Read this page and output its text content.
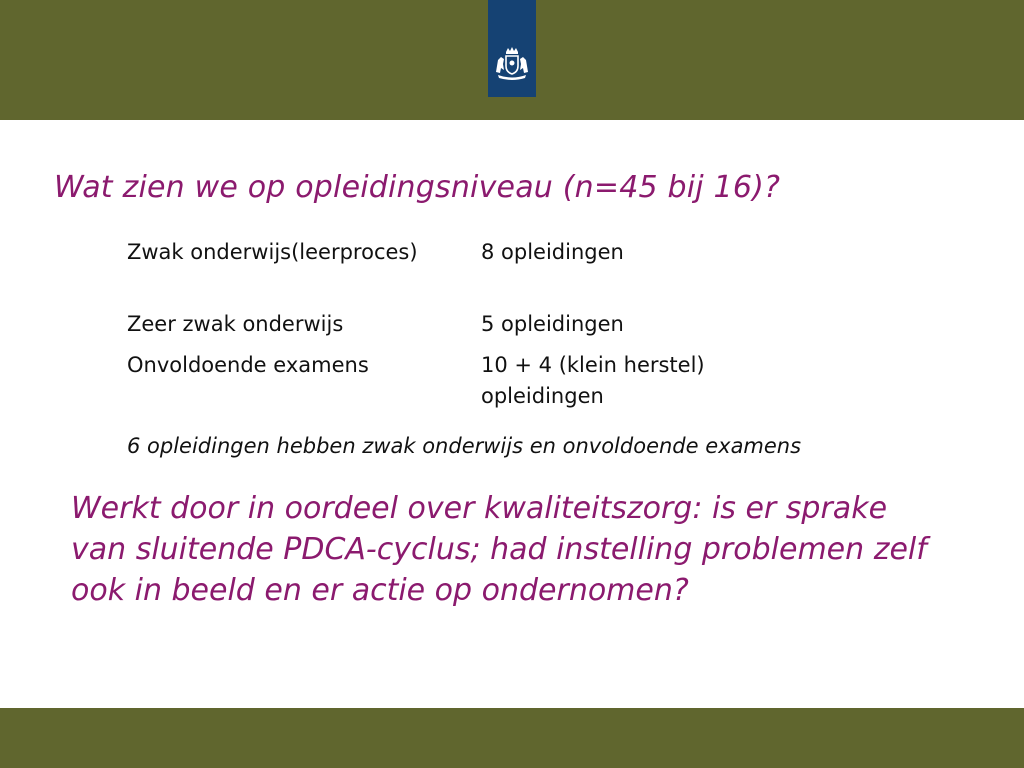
Wat zien we op opleidingsniveau (n=45 bij 16)?
Zwak onderwijs(leerproces)	8 opleidingen
Zeer zwak onderwijs	5 opleidingen
Onvoldoende examens	10 + 4 (klein herstel) opleidingen
6 opleidingen hebben zwak onderwijs en onvoldoende examens
Werkt door in oordeel over kwaliteitszorg: is er sprake van sluitende PDCA-cyclus; had instelling problemen zelf ook in beeld en er actie op ondernomen?
